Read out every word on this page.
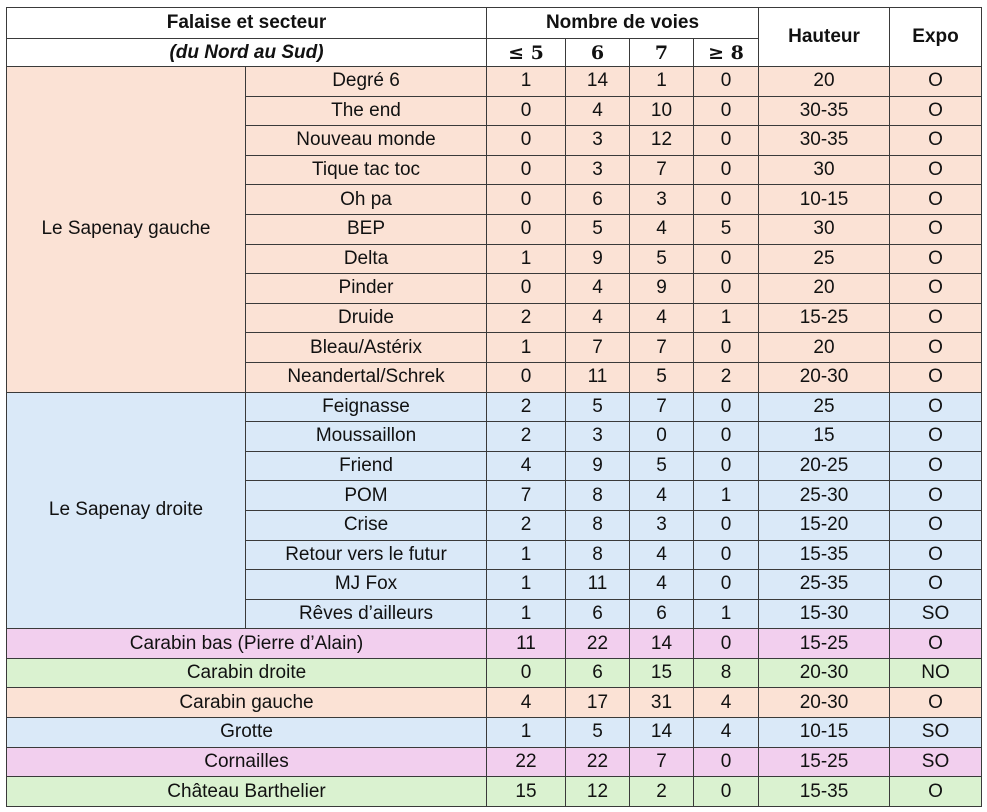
Falaise et secteur		Nombre de voies				Hauteur	Expo
(du Nord au Sud)		≤ 5	6	7	≥ 8		
Le Sapenay gauche	Degré 6	1	14	1	0	20	O
	The end	0	4	10	0	30-35	O
	Nouveau monde	0	3	12	0	30-35	O
	Tique tac toc	0	3	7	0	30	O
	Oh pa	0	6	3	0	10-15	O
	BEP	0	5	4	5	30	O
	Delta	1	9	5	0	25	O
	Pinder	0	4	9	0	20	O
	Druide	2	4	4	1	15-25	O
	Bleau/Astérix	1	7	7	0	20	O
	Neandertal/Schrek	0	11	5	2	20-30	O
Le Sapenay droite	Feignasse	2	5	7	0	25	O
	Moussaillon	2	3	0	0	15	O
	Friend	4	9	5	0	20-25	O
	POM	7	8	4	1	25-30	O
	Crise	2	8	3	0	15-20	O
	Retour vers le futur	1	8	4	0	15-35	O
	MJ Fox	1	11	4	0	25-35	O
	Rêves d’ailleurs	1	6	6	1	15-30	SO
Carabin bas (Pierre d’Alain)		11	22	14	0	15-25	O
Carabin droite		0	6	15	8	20-30	NO
Carabin gauche		4	17	31	4	20-30	O
Grotte		1	5	14	4	10-15	SO
Cornailles		22	22	7	0	15-25	SO
Château Barthelier		15	12	2	0	15-35	O
